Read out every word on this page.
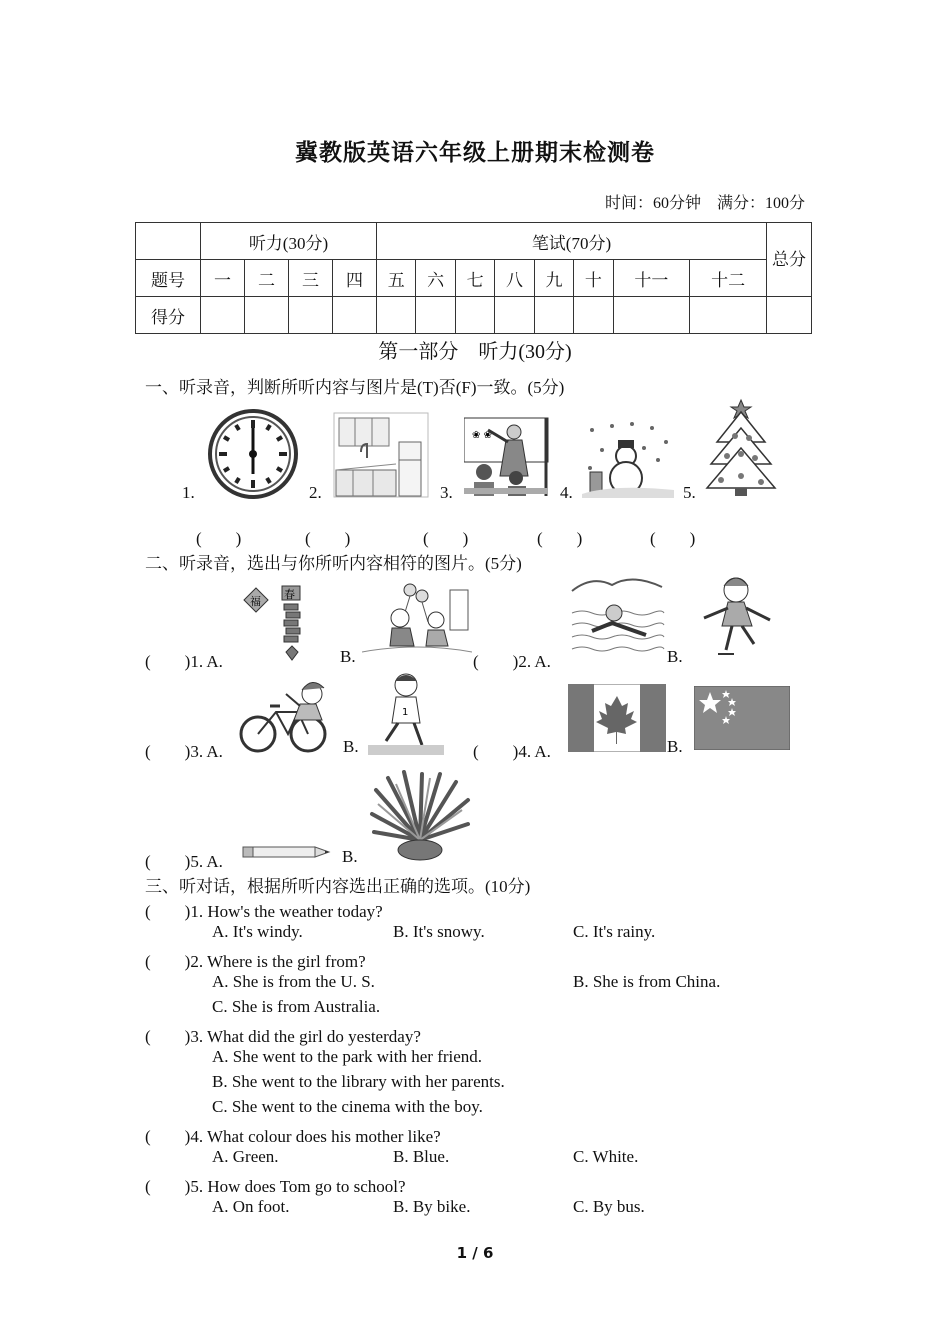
冀教版英语六年级上册期末检测卷
时间：60分钟　满分：100分
	听力(30分)				笔试(70分)								总分
题号	一	二	三	四	五	六	七	八	九	十	十一	十二	
得分													
第一部分　听力(30分)
一、听录音，判断所听内容与图片是(T)否(F)一致。(5分)
1.	2.	3.
❀ ❀
4.	5.
(　　)	(　　)	(　　)	(　　)	(　　)
二、听录音，选出与你所听内容相符的图片。(5分)
(　　)1. A.
福
春
B.	(　　)2. A.	B.
(　　)3. A.	B.
1
(　　)4. A.	B.
(　　)5. A.	B.
三、听对话，根据所听内容选出正确的选项。(10分)
(　　)1. How's the weather today?
A. It's windy.	B. It's snowy.	C. It's rainy.
(　　)2. Where is the girl from?
A. She is from the U. S.	B. She is from China.
C. She is from Australia.
(　　)3. What did the girl do yesterday?
A. She went to the park with her friend.
B. She went to the library with her parents.
C. She went to the cinema with the boy.
(　　)4. What colour does his mother like?
A. Green.	B. Blue.	C. White.
(　　)5. How does Tom go to school?
A. On foot.	B. By bike.	C. By bus.
1 / 6
